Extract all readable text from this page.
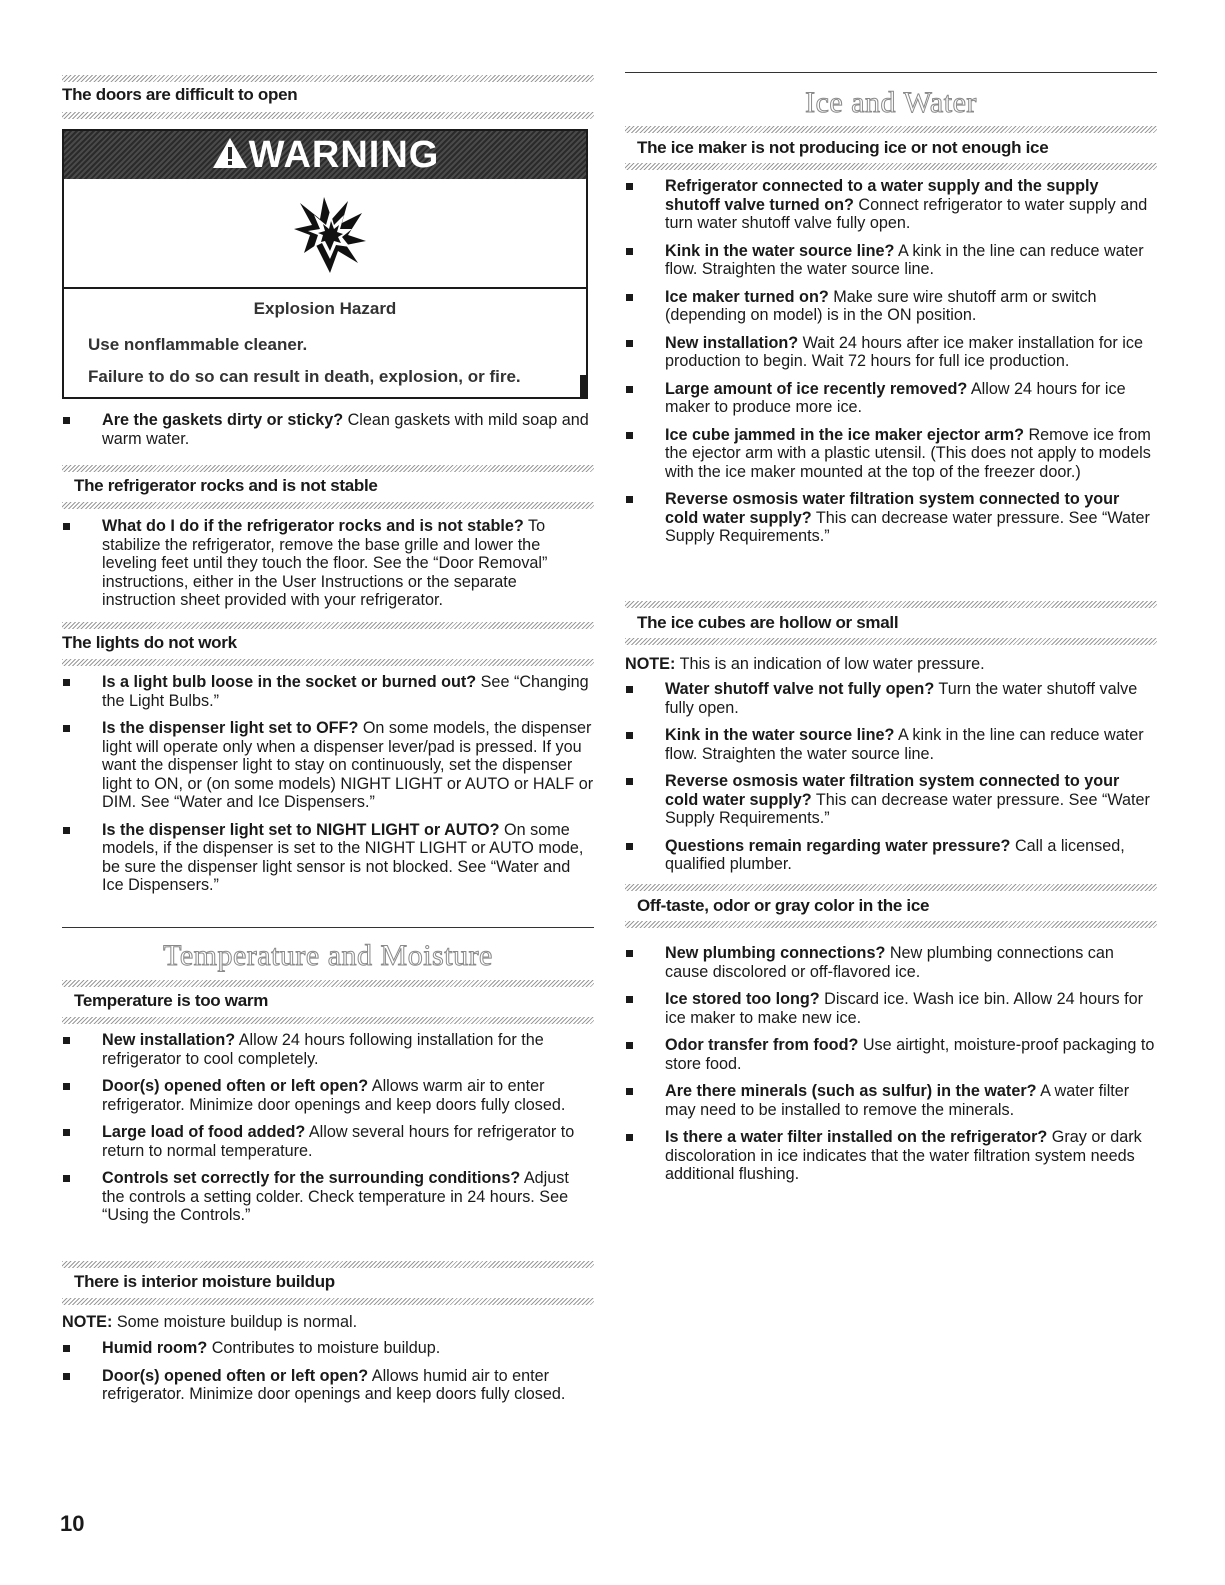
The doors are difficult to open
WARNING
Explosion Hazard
Use nonflammable cleaner.
Failure to do so can result in death, explosion, or fire.
Are the gaskets dirty or sticky? Clean gaskets with mild soap and warm water.
The refrigerator rocks and is not stable
What do I do if the refrigerator rocks and is not stable? To stabilize the refrigerator, remove the base grille and lower the leveling feet until they touch the floor. See the “Door Removal” instructions, either in the User Instructions or the separate instruction sheet provided with your refrigerator.
The lights do not work
Is a light bulb loose in the socket or burned out? See “Changing the Light Bulbs.”
Is the dispenser light set to OFF? On some models, the dispenser light will operate only when a dispenser lever/pad is pressed. If you want the dispenser light to stay on continuously, set the dispenser light to ON, or (on some models) NIGHT LIGHT or AUTO or HALF or DIM. See “Water and Ice Dispensers.”
Is the dispenser light set to NIGHT LIGHT or AUTO? On some models, if the dispenser is set to the NIGHT LIGHT or AUTO mode, be sure the dispenser light sensor is not blocked. See “Water and Ice Dispensers.”
Temperature and Moisture
Temperature is too warm
New installation? Allow 24 hours following installation for the refrigerator to cool completely.
Door(s) opened often or left open? Allows warm air to enter refrigerator. Minimize door openings and keep doors fully closed.
Large load of food added? Allow several hours for refrigerator to return to normal temperature.
Controls set correctly for the surrounding conditions? Adjust the controls a setting colder. Check temperature in 24 hours. See “Using the Controls.”
There is interior moisture buildup
NOTE: Some moisture buildup is normal.
Humid room? Contributes to moisture buildup.
Door(s) opened often or left open? Allows humid air to enter refrigerator. Minimize door openings and keep doors fully closed.
Ice and Water
The ice maker is not producing ice or not enough ice
Refrigerator connected to a water supply and the supply shutoff valve turned on? Connect refrigerator to water supply and turn water shutoff valve fully open.
Kink in the water source line? A kink in the line can reduce water flow. Straighten the water source line.
Ice maker turned on? Make sure wire shutoff arm or switch (depending on model) is in the ON position.
New installation? Wait 24 hours after ice maker installation for ice production to begin. Wait 72 hours for full ice production.
Large amount of ice recently removed? Allow 24 hours for ice maker to produce more ice.
Ice cube jammed in the ice maker ejector arm? Remove ice from the ejector arm with a plastic utensil. (This does not apply to models with the ice maker mounted at the top of the freezer door.)
Reverse osmosis water filtration system connected to your cold water supply? This can decrease water pressure. See “Water Supply Requirements.”
The ice cubes are hollow or small
NOTE: This is an indication of low water pressure.
Water shutoff valve not fully open? Turn the water shutoff valve fully open.
Kink in the water source line? A kink in the line can reduce water flow. Straighten the water source line.
Reverse osmosis water filtration system connected to your cold water supply? This can decrease water pressure. See “Water Supply Requirements.”
Questions remain regarding water pressure? Call a licensed, qualified plumber.
Off-taste, odor or gray color in the ice
New plumbing connections? New plumbing connections can cause discolored or off-flavored ice.
Ice stored too long? Discard ice. Wash ice bin. Allow 24 hours for ice maker to make new ice.
Odor transfer from food? Use airtight, moisture-proof packaging to store food.
Are there minerals (such as sulfur) in the water? A water filter may need to be installed to remove the minerals.
Is there a water filter installed on the refrigerator? Gray or dark discoloration in ice indicates that the water filtration system needs additional flushing.
10
